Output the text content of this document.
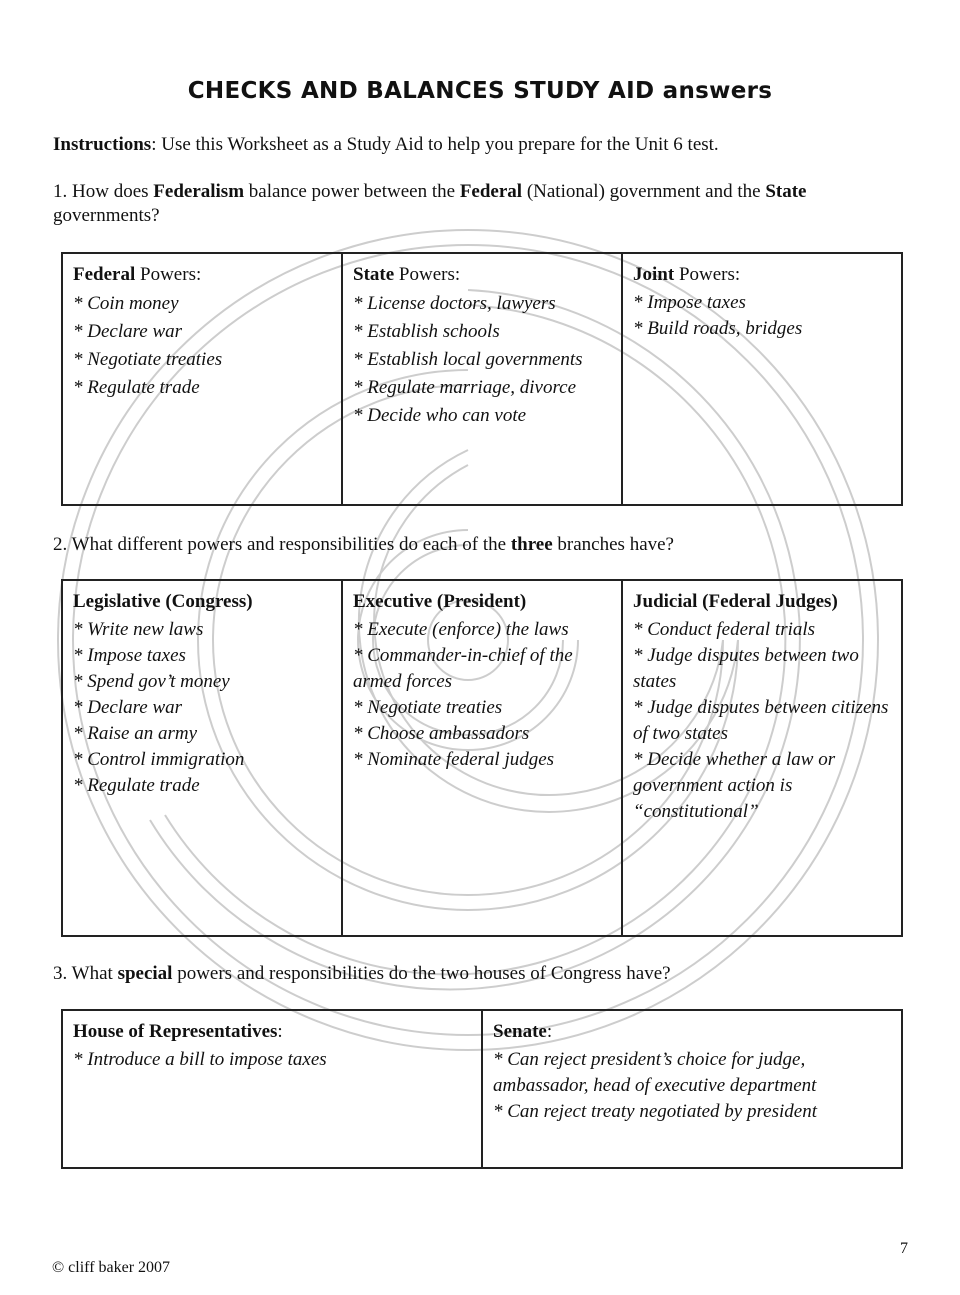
CHECKS AND BALANCES STUDY AID answers
Instructions: Use this Worksheet as a Study Aid to help you prepare for the Unit 6 test.
1. How does Federalism balance power between the Federal (National) government and the State governments?
Federal Powers:
* Coin money
* Declare war
* Negotiate treaties
* Regulate trade

State Powers:
* License doctors, lawyers
* Establish schools
* Establish local governments
* Regulate marriage, divorce
* Decide who can vote

Joint Powers:
* Impose taxes
* Build roads, bridges
2. What different powers and responsibilities do each of the three branches have?
Legislative (Congress)
* Write new laws
* Impose taxes
* Spend gov’t money
* Declare war
* Raise an army
* Control immigration
* Regulate trade

Executive (President)
* Execute (enforce) the laws
* Commander-in-chief of the armed forces
* Negotiate treaties
* Choose ambassadors
* Nominate federal judges

Judicial (Federal Judges)
* Conduct federal trials
* Judge disputes between two states
* Judge disputes between citizens of two states
* Decide whether a law or government action is “constitutional”
3. What special powers and responsibilities do the two houses of Congress have?
House of Representatives:
* Introduce a bill to impose taxes

Senate:
* Can reject president’s choice for judge, ambassador, head of executive department
* Can reject treaty negotiated by president
7
© cliff baker 2007
